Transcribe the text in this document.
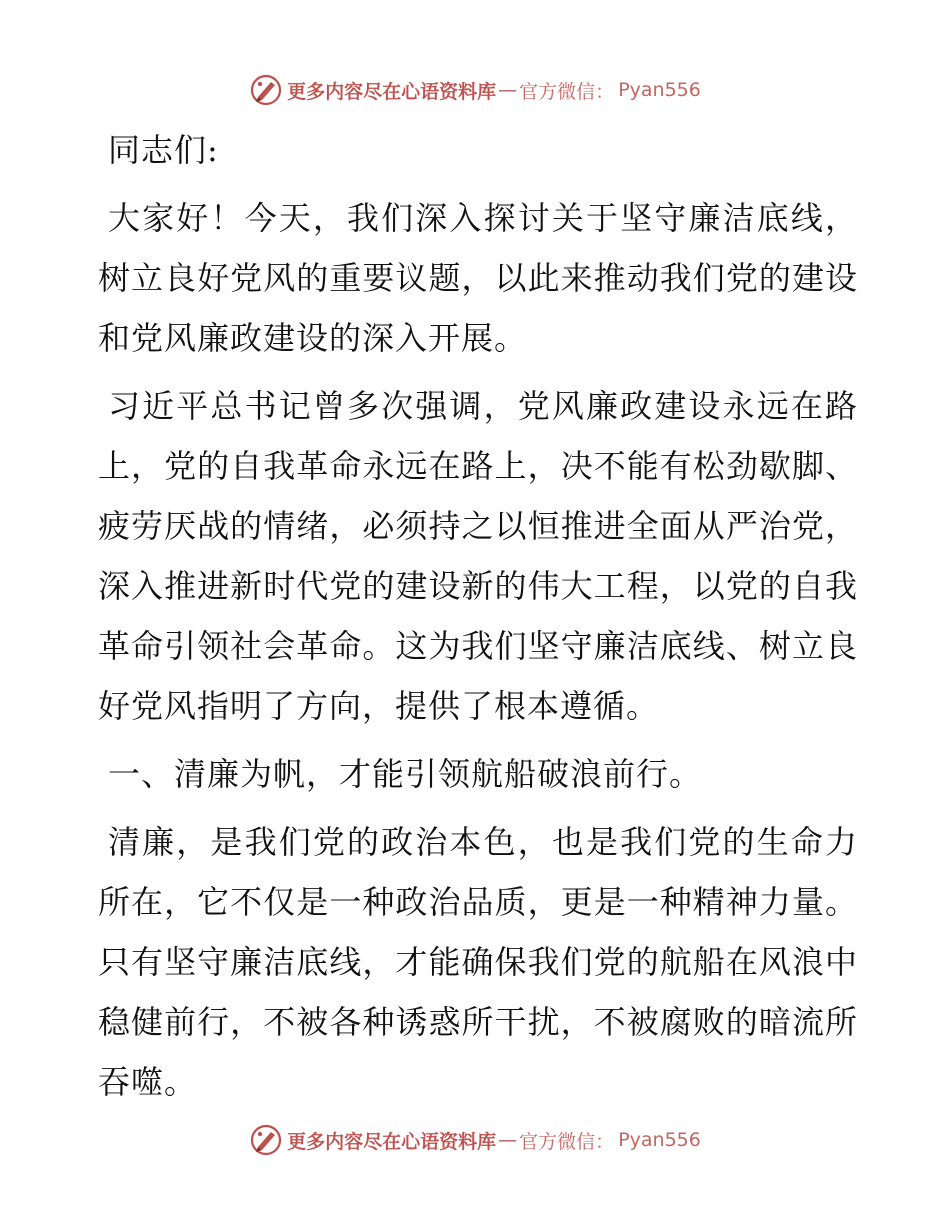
更多内容尽在心语资料库 — 官方微信： Pyan556

同志们:

大家好！今天，我们深入探讨关于坚守廉洁底线，树立良好党风的重要议题，以此来推动我们党的建设和党风廉政建设的深入开展。

习近平总书记曾多次强调，党风廉政建设永远在路上，党的自我革命永远在路上，决不能有松劲歇脚、疲劳厌战的情绪，必须持之以恒推进全面从严治党，深入推进新时代党的建设新的伟大工程，以党的自我革命引领社会革命。这为我们坚守廉洁底线、树立良好党风指明了方向，提供了根本遵循。

一、清廉为帆，才能引领航船破浪前行。

清廉，是我们党的政治本色，也是我们党的生命力所在，它不仅是一种政治品质，更是一种精神力量。只有坚守廉洁底线，才能确保我们党的航船在风浪中稳健前行，不被各种诱惑所干扰，不被腐败的暗流所吞噬。

更多内容尽在心语资料库 — 官方微信： Pyan556
